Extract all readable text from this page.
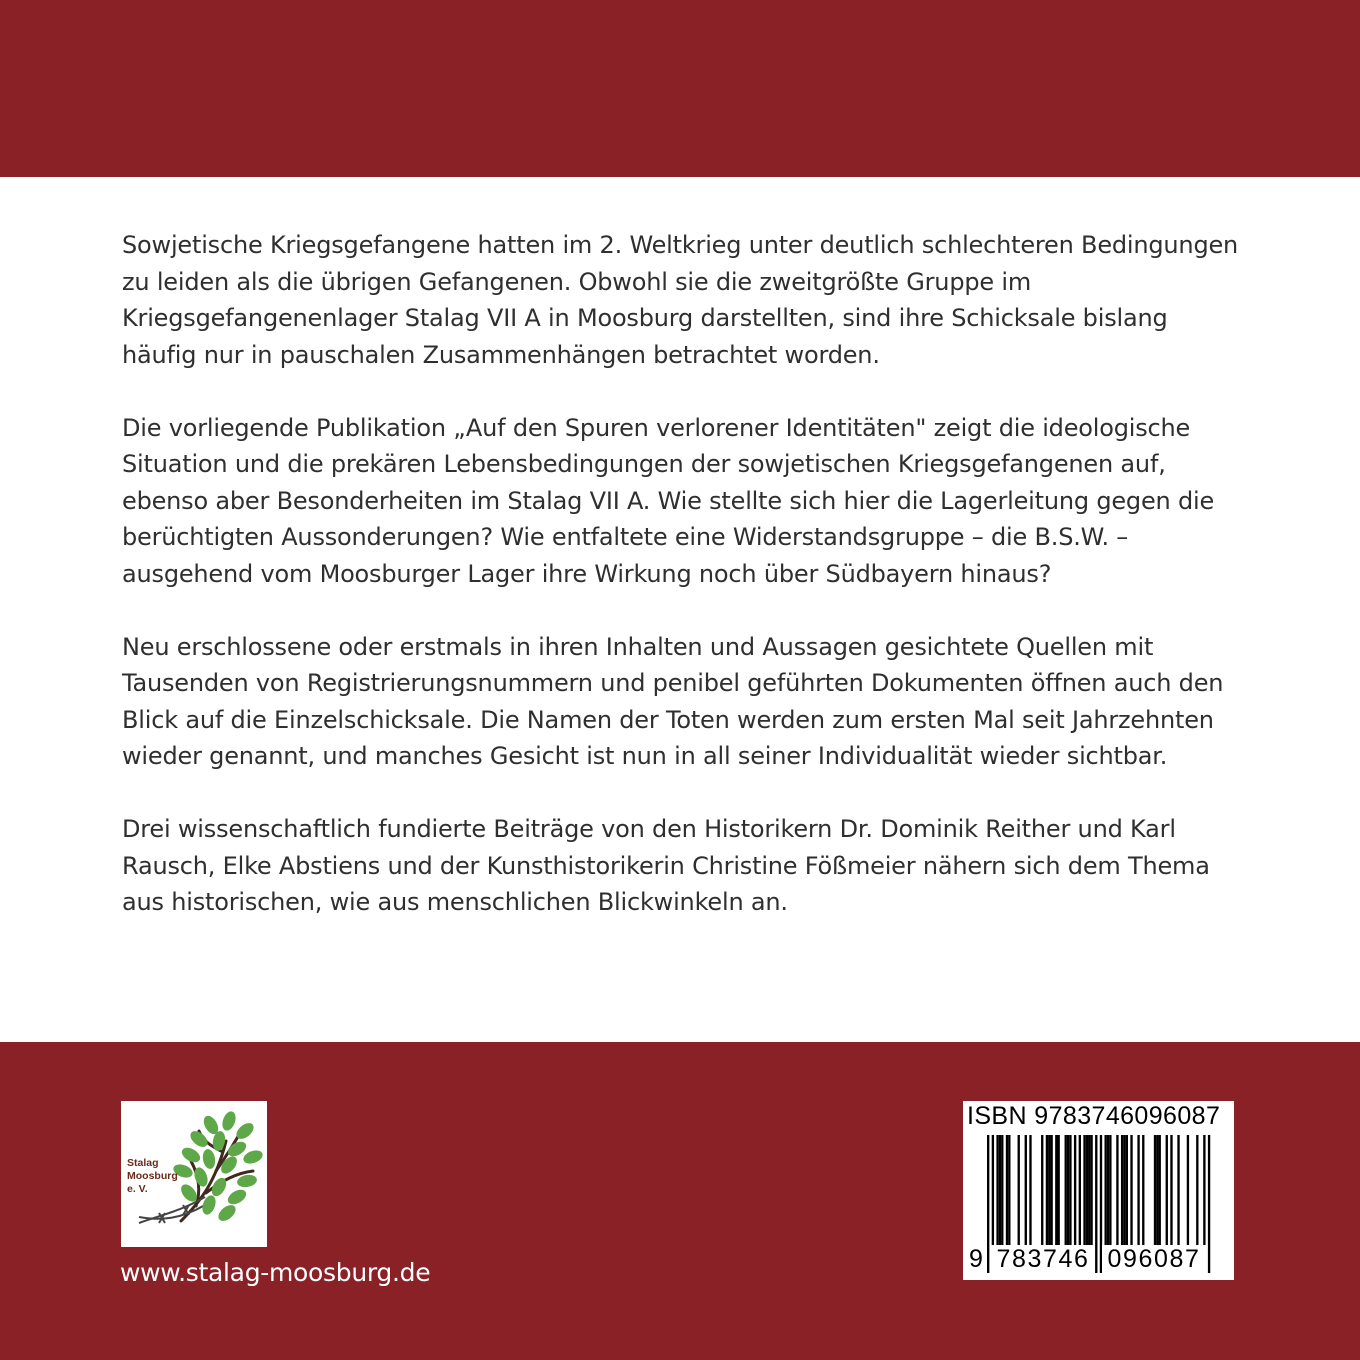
Sowjetische Kriegsgefangene hatten im 2. Weltkrieg unter deutlich schlechteren Bedingungen zu leiden als die übrigen Gefangenen. Obwohl sie die zweitgrößte Gruppe im Kriegsgefangenenlager Stalag VII A in Moosburg darstellten, sind ihre Schicksale bislang häufig nur in pauschalen Zusammenhängen betrachtet worden.

Die vorliegende Publikation „Auf den Spuren verlorener Identitäten" zeigt die ideologische Situation und die prekären Lebensbedingungen der sowjetischen Kriegsgefangenen auf, ebenso aber Besonderheiten im Stalag VII A. Wie stellte sich hier die Lagerleitung gegen die berüchtigten Aussonderungen? Wie entfaltete eine Widerstandsgruppe – die B.S.W. – ausgehend vom Moosburger Lager ihre Wirkung noch über Südbayern hinaus?

Neu erschlossene oder erstmals in ihren Inhalten und Aussagen gesichtete Quellen mit Tausenden von Registrierungsnummern und penibel geführten Dokumenten öffnen auch den Blick auf die Einzelschicksale. Die Namen der Toten werden zum ersten Mal seit Jahrzehnten wieder genannt, und manches Gesicht ist nun in all seiner Individualität wieder sichtbar.

Drei wissenschaftlich fundierte Beiträge von den Historikern Dr. Dominik Reither und Karl Rausch, Elke Abstiens und der Kunsthistorikerin Christine Fößmeier nähern sich dem Thema aus historischen, wie aus menschlichen Blickwinkeln an.

Stalag
Moosburg
e. V.
www.stalag-moosburg.de
ISBN 9783746096087
9 783746 096087
